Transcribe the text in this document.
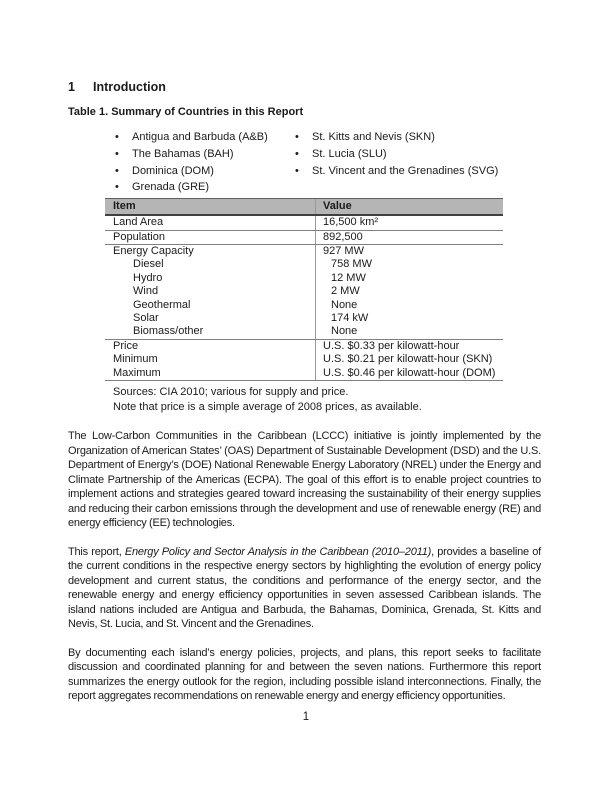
1	Introduction
Table 1. Summary of Countries in this Report
•
Antigua and Barbuda (A&B)
•
The Bahamas (BAH)
•
Dominica (DOM)
•
Grenada (GRE)
•
St. Kitts and Nevis (SKN)
•
St. Lucia (SLU)
•
St. Vincent and the Grenadines (SVG)
Item	Value
Land Area	16,500 km²
Population	892,500
Energy Capacity	927 MW
Diesel	758 MW
Hydro	12 MW
Wind	2 MW
Geothermal	None
Solar	174 kW
Biomass/other	None
Price	U.S. $0.33 per kilowatt-hour
Minimum	U.S. $0.21 per kilowatt-hour (SKN)
Maximum	U.S. $0.46 per kilowatt-hour (DOM)
Sources: CIA 2010; various for supply and price.
Note that price is a simple average of 2008 prices, as available.

The Low-Carbon Communities in the Caribbean (LCCC) initiative is jointly implemented by the Organization of American States’ (OAS) Department of Sustainable Development (DSD) and the U.S. Department of Energy’s (DOE) National Renewable Energy Laboratory (NREL) under the Energy and Climate Partnership of the Americas (ECPA). The goal of this effort is to enable project countries to implement actions and strategies geared toward increasing the sustainability of their energy supplies and reducing their carbon emissions through the development and use of renewable energy (RE) and energy efficiency (EE) technologies.

This report, Energy Policy and Sector Analysis in the Caribbean (2010–2011), provides a baseline of the current conditions in the respective energy sectors by highlighting the evolution of energy policy development and current status, the conditions and performance of the energy sector, and the renewable energy and energy efficiency opportunities in seven assessed Caribbean islands. The island nations included are Antigua and Barbuda, the Bahamas, Dominica, Grenada, St. Kitts and Nevis, St. Lucia, and St. Vincent and the Grenadines.

By documenting each island’s energy policies, projects, and plans, this report seeks to facilitate discussion and coordinated planning for and between the seven nations. Furthermore this report summarizes the energy outlook for the region, including possible island interconnections. Finally, the report aggregates recommendations on renewable energy and energy efficiency opportunities.

1
